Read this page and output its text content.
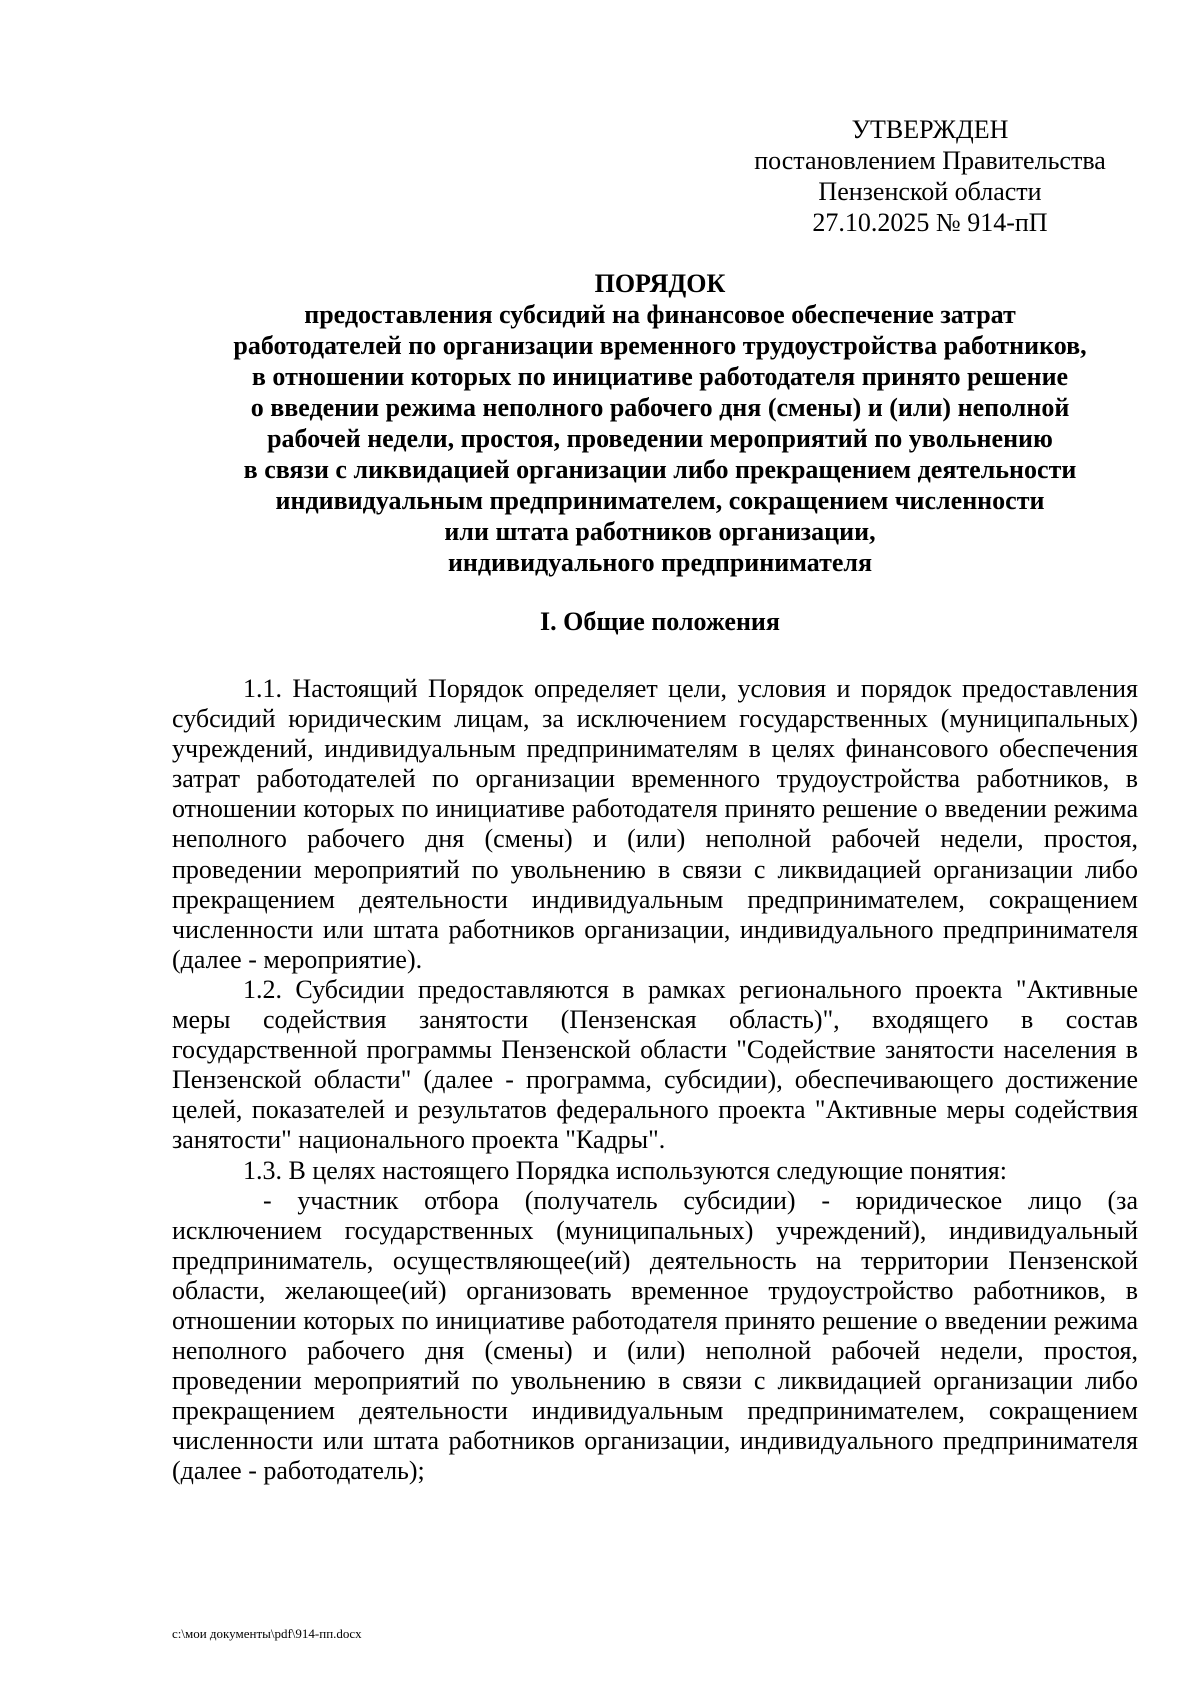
УТВЕРЖДЕН
постановлением Правительства
Пензенской области
27.10.2025 № 914-пП
ПОРЯДОК
предоставления субсидий на финансовое обеспечение затрат
работодателей по организации временного трудоустройства работников,
в отношении которых по инициативе работодателя принято решение
о введении режима неполного рабочего дня (смены) и (или) неполной
рабочей недели, простоя, проведении мероприятий по увольнению
в связи с ликвидацией организации либо прекращением деятельности
индивидуальным предпринимателем, сокращением численности
или штата работников организации,
индивидуального предпринимателя
I. Общие положения

1.1. Настоящий Порядок определяет цели, условия и порядок предоставления субсидий юридическим лицам, за исключением государственных (муниципальных) учреждений, индивидуальным предпринимателям в целях финансового обеспечения затрат работодателей по организации временного трудоустройства работников, в отношении которых по инициативе работодателя принято решение о введении режима неполного рабочего дня (смены) и (или) неполной рабочей недели, простоя, проведении мероприятий по увольнению в связи с ликвидацией организации либо прекращением деятельности индивидуальным предпринимателем, сокращением численности или штата работников организации, индивидуального предпринимателя (далее - мероприятие).

1.2. Субсидии предоставляются в рамках регионального проекта "Активные меры содействия занятости (Пензенская область)", входящего в состав государственной программы Пензенской области "Содействие занятости населения в Пензенской области" (далее - программа, субсидии), обеспечивающего достижение целей, показателей и результатов федерального проекта "Активные меры содействия занятости" национального проекта "Кадры".

1.3. В целях настоящего Порядка используются следующие понятия:

- участник отбора (получатель субсидии) - юридическое лицо (за исключением государственных (муниципальных) учреждений), индивидуальный предприниматель, осуществляющее(ий) деятельность на территории Пензенской области, желающее(ий) организовать временное трудоустройство работников, в отношении которых по инициативе работодателя принято решение о введении режима неполного рабочего дня (смены) и (или) неполной рабочей недели, простоя, проведении мероприятий по увольнению в связи с ликвидацией организации либо прекращением деятельности индивидуальным предпринимателем, сокращением численности или штата работников организации, индивидуального предпринимателя (далее - работодатель);

c:\мои документы\pdf\914-пп.docx
